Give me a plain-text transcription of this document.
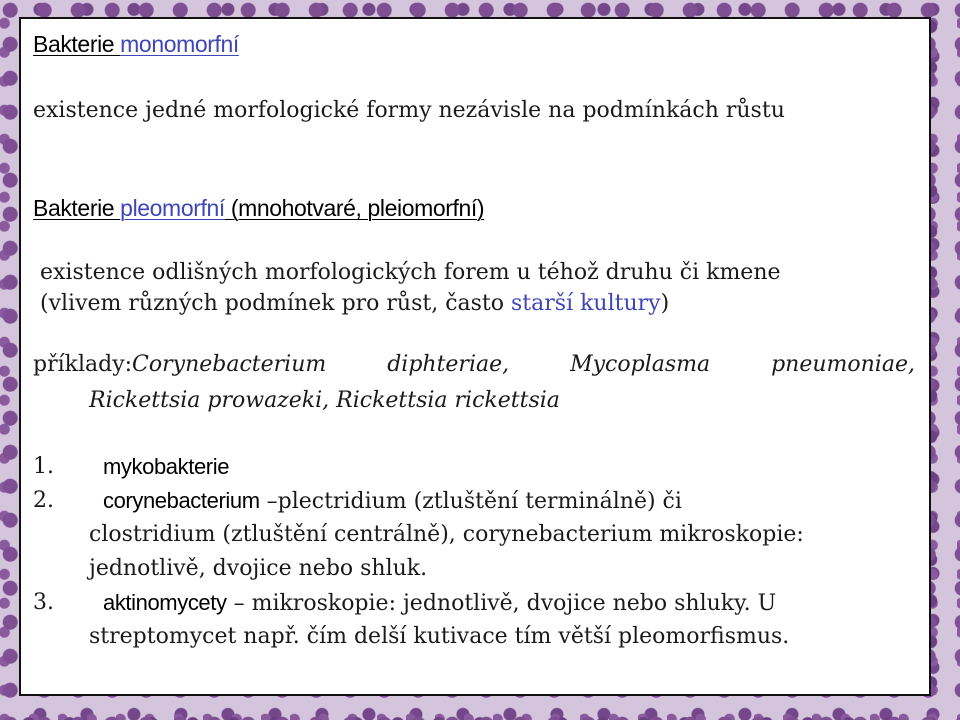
Bakterie monomorfní
existence jedné morfologické formy nezávisle na podmínkách růstu
Bakterie pleomorfní (mnohotvaré, pleiomorfní)
existence odlišných morfologických forem u téhož druhu či kmene
(vlivem různých podmínek pro růst, často starší kultury)
příklady:Corynebacterium	diphteriae,	Mycoplasma	pneumoniae,
Rickettsia prowazeki, Rickettsia rickettsia
1. mykobakterie
2. corynebacterium –plectridium (ztluštění terminálně) či
clostridium (ztluštění centrálně), corynebacterium mikroskopie:
jednotlivě, dvojice nebo shluk.
3. aktinomycety – mikroskopie: jednotlivě, dvojice nebo shluky. U
streptomycet např. čím delší kutivace tím větší pleomorfismus.
